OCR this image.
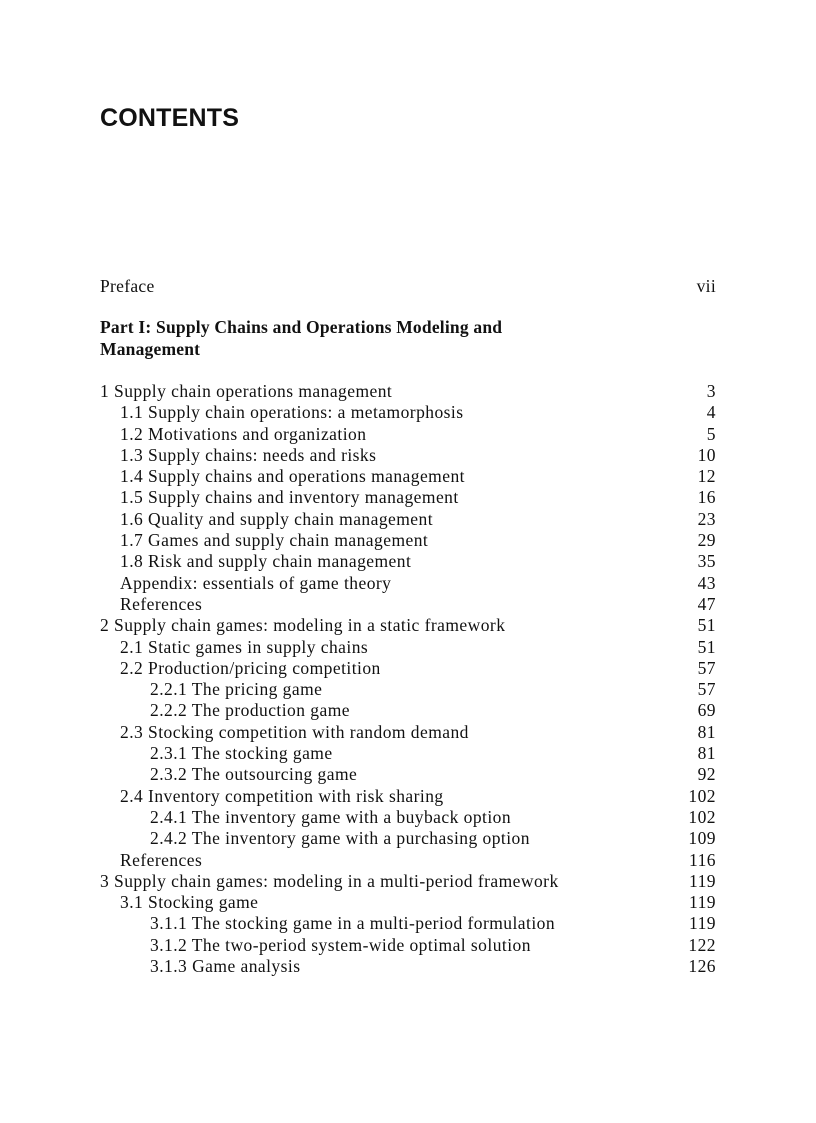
CONTENTS
Preface	vii
Part I: Supply Chains and Operations Modeling and Management
1 Supply chain operations management	3
1.1 Supply chain operations: a metamorphosis	4
1.2 Motivations and organization	5
1.3 Supply chains: needs and risks	10
1.4 Supply chains and operations management	12
1.5 Supply chains and inventory management	16
1.6 Quality and supply chain management	23
1.7 Games and supply chain management	29
1.8 Risk and supply chain management	35
Appendix: essentials of game theory	43
References	47
2 Supply chain games: modeling in a static framework	51
2.1 Static games in supply chains	51
2.2 Production/pricing competition	57
2.2.1 The pricing game	57
2.2.2 The production game	69
2.3 Stocking competition with random demand	81
2.3.1 The stocking game	81
2.3.2 The outsourcing game	92
2.4 Inventory competition with risk sharing	102
2.4.1 The inventory game with a buyback option	102
2.4.2 The inventory game with a purchasing option	109
References	116
3 Supply chain games: modeling in a multi-period framework	119
3.1 Stocking game	119
3.1.1 The stocking game in a multi-period formulation	119
3.1.2 The two-period system-wide optimal solution	122
3.1.3 Game analysis	126
